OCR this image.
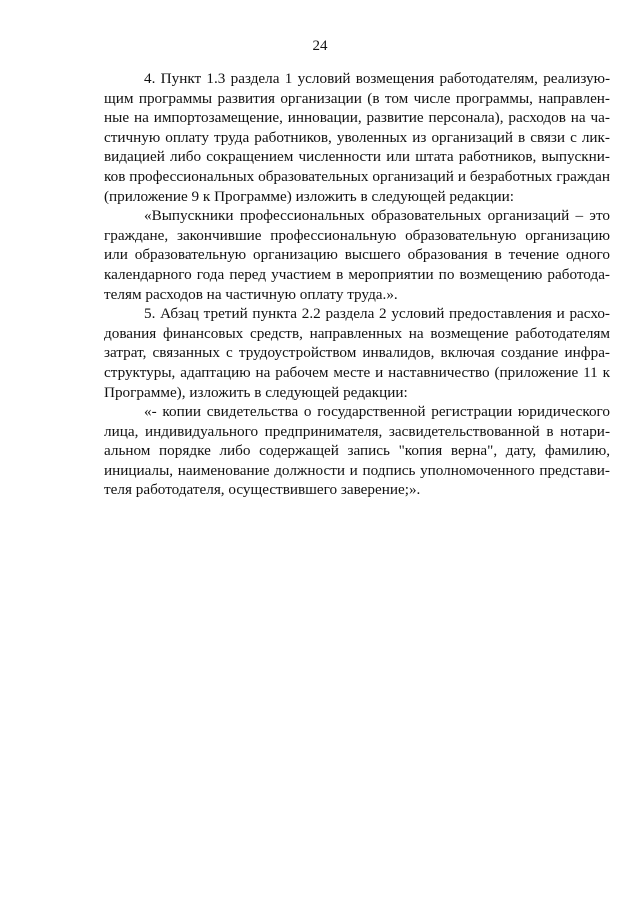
24
4. Пункт 1.3 раздела 1 условий возмещения работодателям, реализую-
щим программы развития организации (в том числе программы, направлен-
ные на импортозамещение, инновации, развитие персонала), расходов на ча-
стичную оплату труда работников, уволенных из организаций в связи с лик-
видацией либо сокращением численности или штата работников, выпускни-
ков профессиональных образовательных организаций и безработных граждан
(приложение 9 к Программе) изложить в следующей редакции:
«Выпускники профессиональных образовательных организаций – это
граждане, закончившие профессиональную образовательную организацию
или образовательную организацию высшего образования в течение одного
календарного года перед участием в мероприятии по возмещению работода-
телям расходов на частичную оплату труда.».
5. Абзац третий пункта 2.2 раздела 2 условий предоставления и расхо-
дования финансовых средств, направленных на возмещение работодателям
затрат, связанных с трудоустройством инвалидов, включая создание инфра-
структуры, адаптацию на рабочем месте и наставничество (приложение 11 к
Программе), изложить в следующей редакции:
«- копии свидетельства о государственной регистрации юридического
лица, индивидуального предпринимателя, засвидетельствованной в нотари-
альном порядке либо содержащей запись "копия верна", дату, фамилию,
инициалы, наименование должности и подпись уполномоченного представи-
теля работодателя, осуществившего заверение;».
